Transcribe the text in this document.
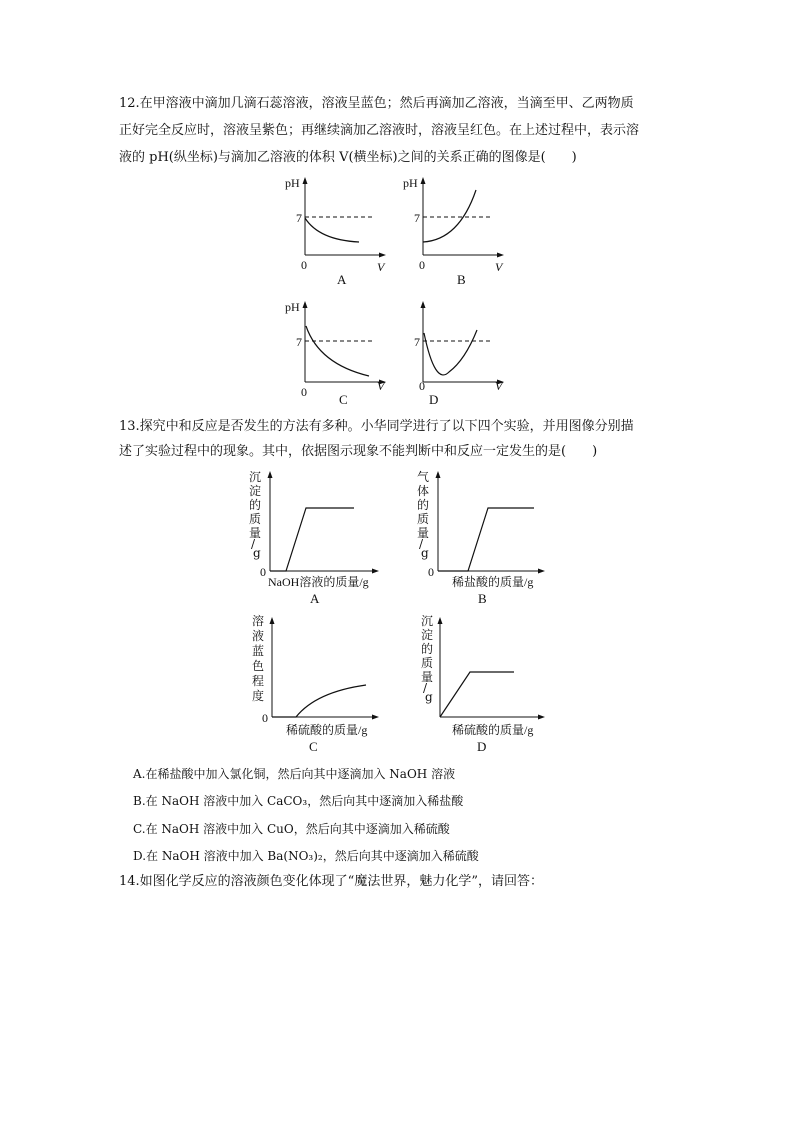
12.在甲溶液中滴加几滴石蕊溶液，溶液呈蓝色；然后再滴加乙溶液，当滴至甲、乙两物质
正好完全反应时，溶液呈紫色；再继续滴加乙溶液时，溶液呈红色。在上述过程中，表示溶
液的 pH(纵坐标)与滴加乙溶液的体积 V(横坐标)之间的关系正确的图像是(　　)
pH
7
0	V
A
pH
7
0	V
B
pH
7
0	V
C
7
0	V
D
13.探究中和反应是否发生的方法有多种。小华同学进行了以下四个实验，并用图像分别描
述了实验过程中的现象。其中，依据图示现象不能判断中和反应一定发生的是(　　)
沉
淀
的
质
量
/
g
0
NaOH溶液的质量/g
A
气
体
的
质
量
/
g
0
稀盐酸的质量/g
B
溶
液
蓝
色
程
度
0
稀硫酸的质量/g
C
沉
淀
的
质
量
/
g
稀硫酸的质量/g
D
A.在稀盐酸中加入氯化铜，然后向其中逐滴加入 NaOH 溶液
B.在 NaOH 溶液中加入 CaCO₃，然后向其中逐滴加入稀盐酸
C.在 NaOH 溶液中加入 CuO，然后向其中逐滴加入稀硫酸
D.在 NaOH 溶液中加入 Ba(NO₃)₂，然后向其中逐滴加入稀硫酸
14.如图化学反应的溶液颜色变化体现了“魔法世界，魅力化学”，请回答：
